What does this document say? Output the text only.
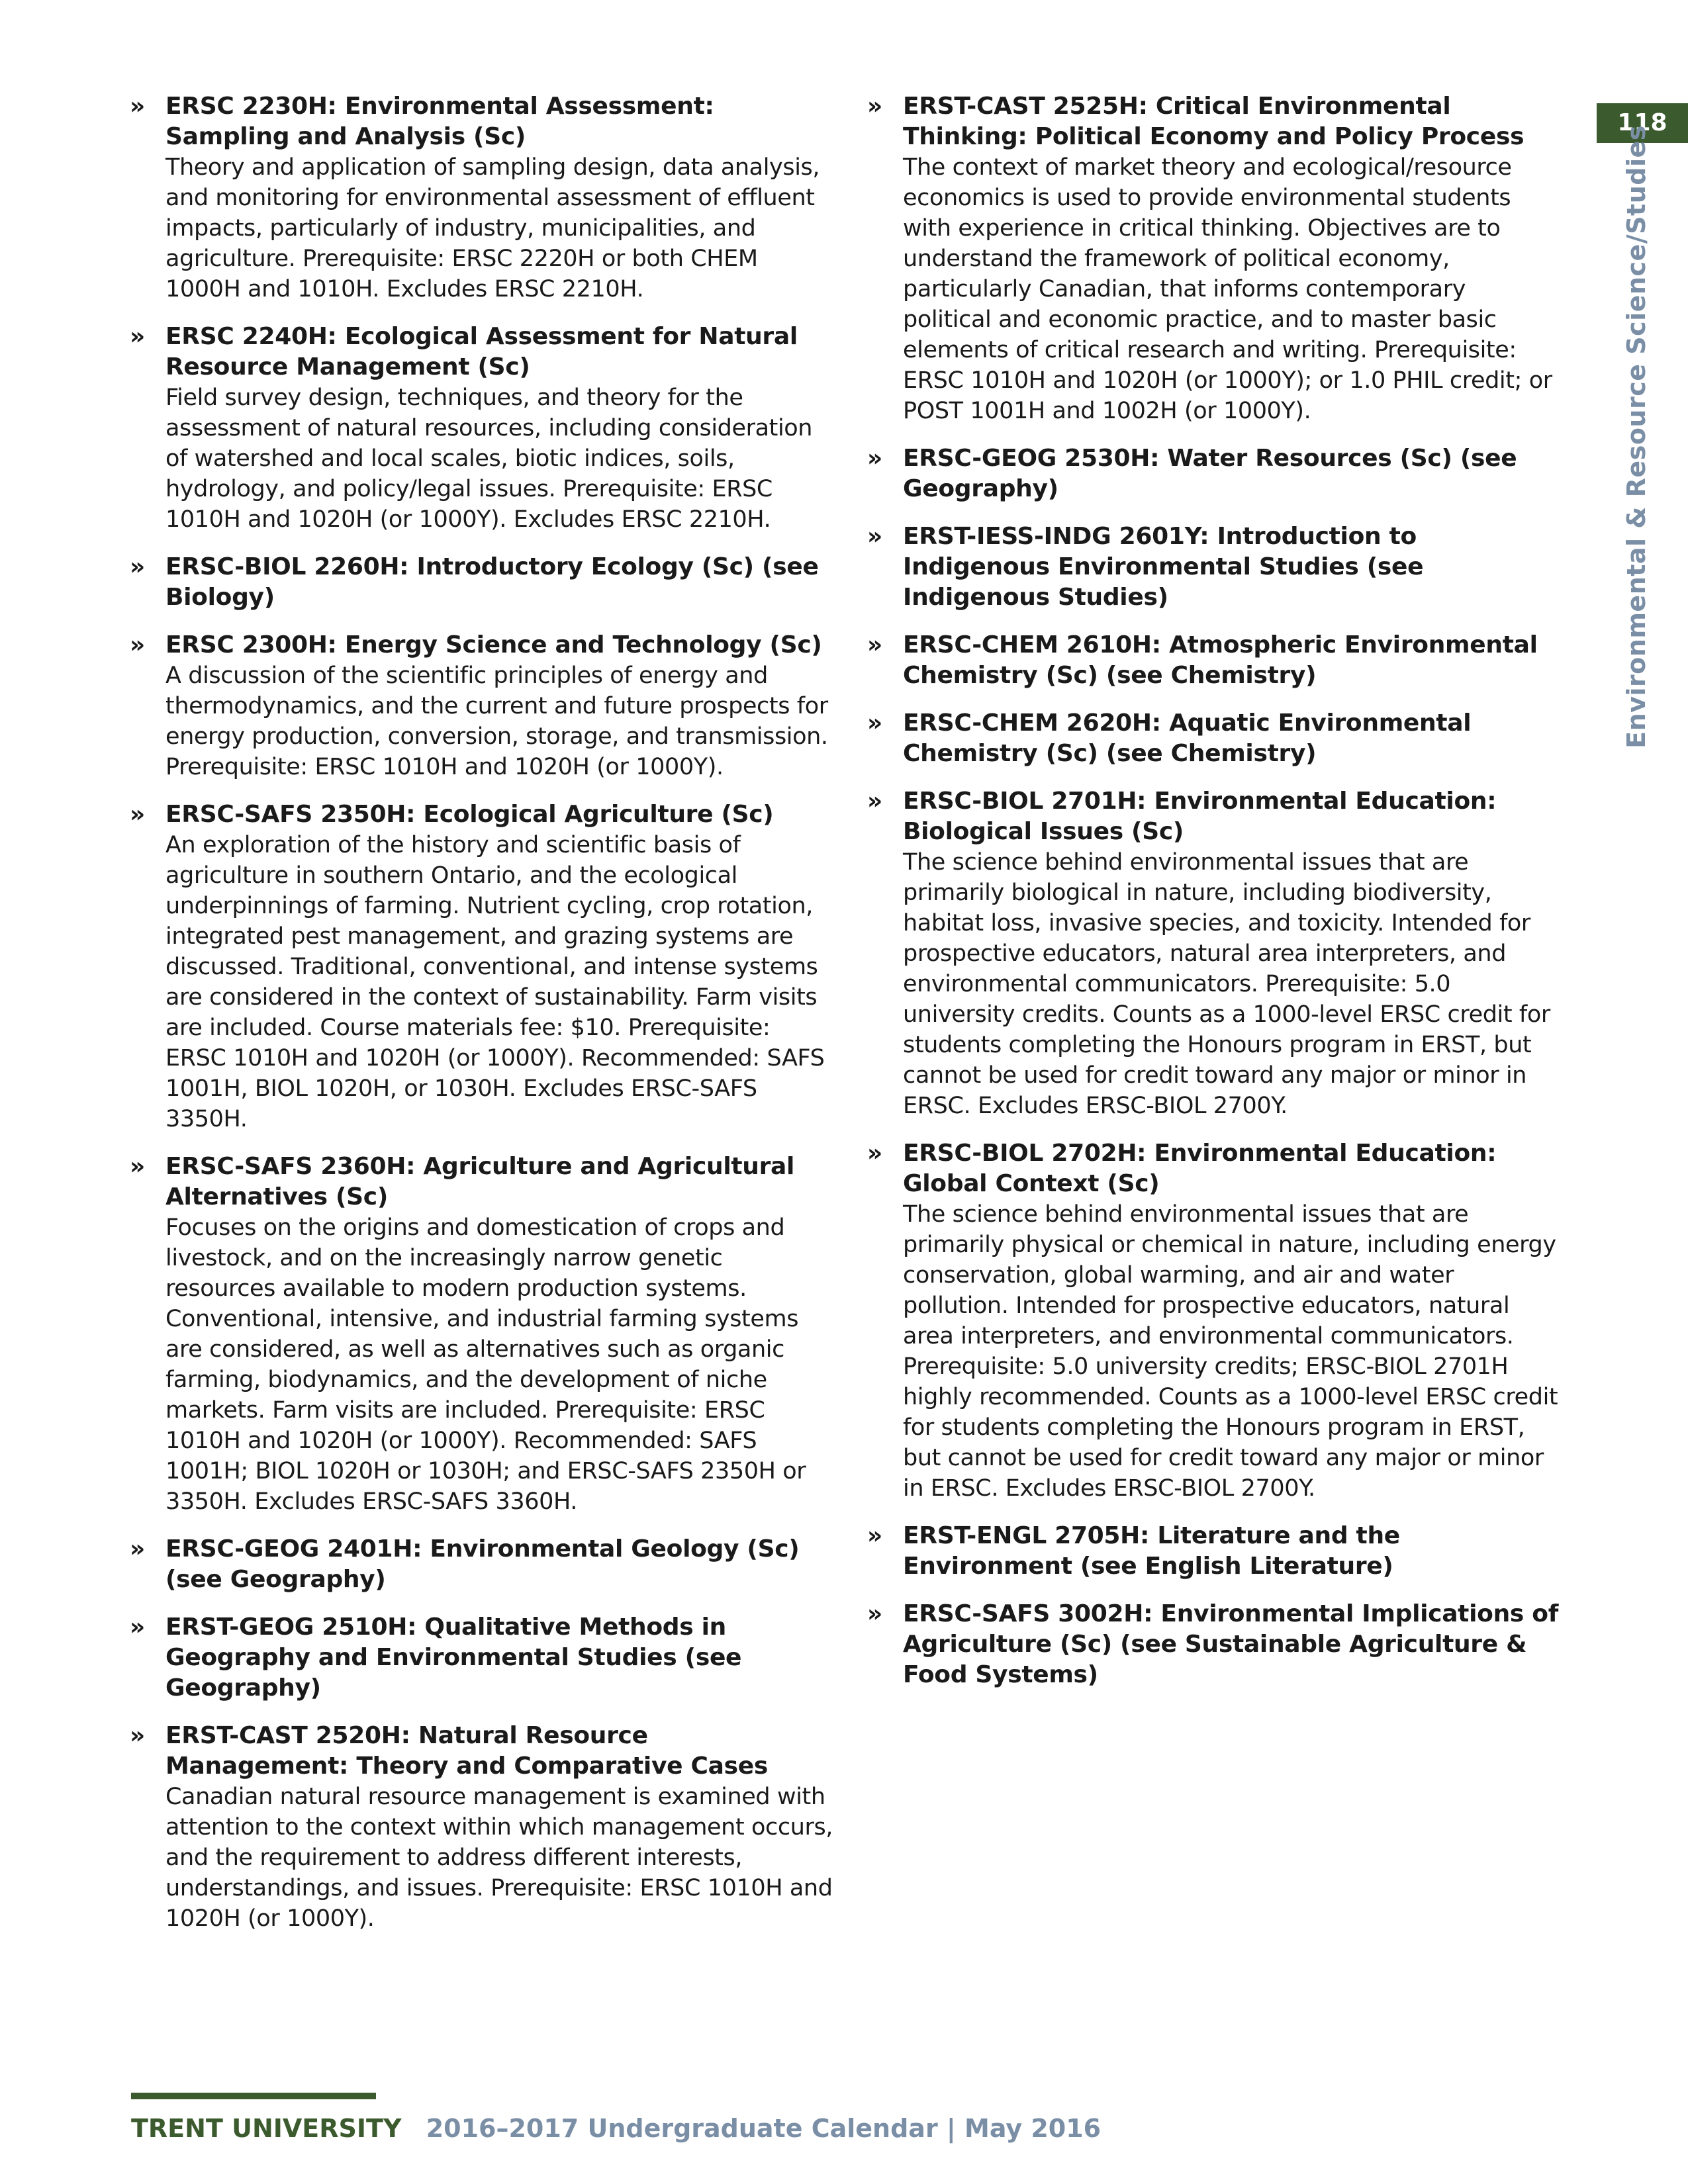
118
Environmental & Resource Science/Studies
» ERSC 2230H: Environmental Assessment: Sampling and Analysis (Sc)
Theory and application of sampling design, data analysis, and monitoring for environmental assessment of effluent impacts, particularly of industry, municipalities, and agriculture. Prerequisite: ERSC 2220H or both CHEM 1000H and 1010H. Excludes ERSC 2210H.
» ERSC 2240H: Ecological Assessment for Natural Resource Management (Sc)
Field survey design, techniques, and theory for the assessment of natural resources, including consideration of watershed and local scales, biotic indices, soils, hydrology, and policy/legal issues. Prerequisite: ERSC 1010H and 1020H (or 1000Y). Excludes ERSC 2210H.
» ERSC-BIOL 2260H: Introductory Ecology (Sc) (see Biology)
» ERSC 2300H: Energy Science and Technology (Sc)
A discussion of the scientific principles of energy and thermodynamics, and the current and future prospects for energy production, conversion, storage, and transmission. Prerequisite: ERSC 1010H and 1020H (or 1000Y).
» ERSC-SAFS 2350H: Ecological Agriculture (Sc)
An exploration of the history and scientific basis of agriculture in southern Ontario, and the ecological underpinnings of farming. Nutrient cycling, crop rotation, integrated pest management, and grazing systems are discussed. Traditional, conventional, and intense systems are considered in the context of sustainability. Farm visits are included. Course materials fee: $10. Prerequisite: ERSC 1010H and 1020H (or 1000Y). Recommended: SAFS 1001H, BIOL 1020H, or 1030H. Excludes ERSC-SAFS 3350H.
» ERSC-SAFS 2360H: Agriculture and Agricultural Alternatives (Sc)
Focuses on the origins and domestication of crops and livestock, and on the increasingly narrow genetic resources available to modern production systems. Conventional, intensive, and industrial farming systems are considered, as well as alternatives such as organic farming, biodynamics, and the development of niche markets. Farm visits are included. Prerequisite: ERSC 1010H and 1020H (or 1000Y). Recommended: SAFS 1001H; BIOL 1020H or 1030H; and ERSC-SAFS 2350H or 3350H. Excludes ERSC-SAFS 3360H.
» ERSC-GEOG 2401H: Environmental Geology (Sc) (see Geography)
» ERST-GEOG 2510H: Qualitative Methods in Geography and Environmental Studies (see Geography)
» ERST-CAST 2520H: Natural Resource Management: Theory and Comparative Cases
Canadian natural resource management is examined with attention to the context within which management occurs, and the requirement to address different interests, understandings, and issues. Prerequisite: ERSC 1010H and 1020H (or 1000Y).
» ERST-CAST 2525H: Critical Environmental Thinking: Political Economy and Policy Process
The context of market theory and ecological/resource economics is used to provide environmental students with experience in critical thinking. Objectives are to understand the framework of political economy, particularly Canadian, that informs contemporary political and economic practice, and to master basic elements of critical research and writing. Prerequisite: ERSC 1010H and 1020H (or 1000Y); or 1.0 PHIL credit; or POST 1001H and 1002H (or 1000Y).
» ERSC-GEOG 2530H: Water Resources (Sc) (see Geography)
» ERST-IESS-INDG 2601Y: Introduction to Indigenous Environmental Studies (see Indigenous Studies)
» ERSC-CHEM 2610H: Atmospheric Environmental Chemistry (Sc) (see Chemistry)
» ERSC-CHEM 2620H: Aquatic Environmental Chemistry (Sc) (see Chemistry)
» ERSC-BIOL 2701H: Environmental Education: Biological Issues (Sc)
The science behind environmental issues that are primarily biological in nature, including biodiversity, habitat loss, invasive species, and toxicity. Intended for prospective educators, natural area interpreters, and environmental communicators. Prerequisite: 5.0 university credits. Counts as a 1000-level ERSC credit for students completing the Honours program in ERST, but cannot be used for credit toward any major or minor in ERSC. Excludes ERSC-BIOL 2700Y.
» ERSC-BIOL 2702H: Environmental Education: Global Context (Sc)
The science behind environmental issues that are primarily physical or chemical in nature, including energy conservation, global warming, and air and water pollution. Intended for prospective educators, natural area interpreters, and environmental communicators. Prerequisite: 5.0 university credits; ERSC-BIOL 2701H highly recommended. Counts as a 1000-level ERSC credit for students completing the Honours program in ERST, but cannot be used for credit toward any major or minor in ERSC. Excludes ERSC-BIOL 2700Y.
» ERST-ENGL 2705H: Literature and the Environment (see English Literature)
» ERSC-SAFS 3002H: Environmental Implications of Agriculture (Sc) (see Sustainable Agriculture & Food Systems)
TRENT UNIVERSITY 2016–2017 Undergraduate Calendar | May 2016
